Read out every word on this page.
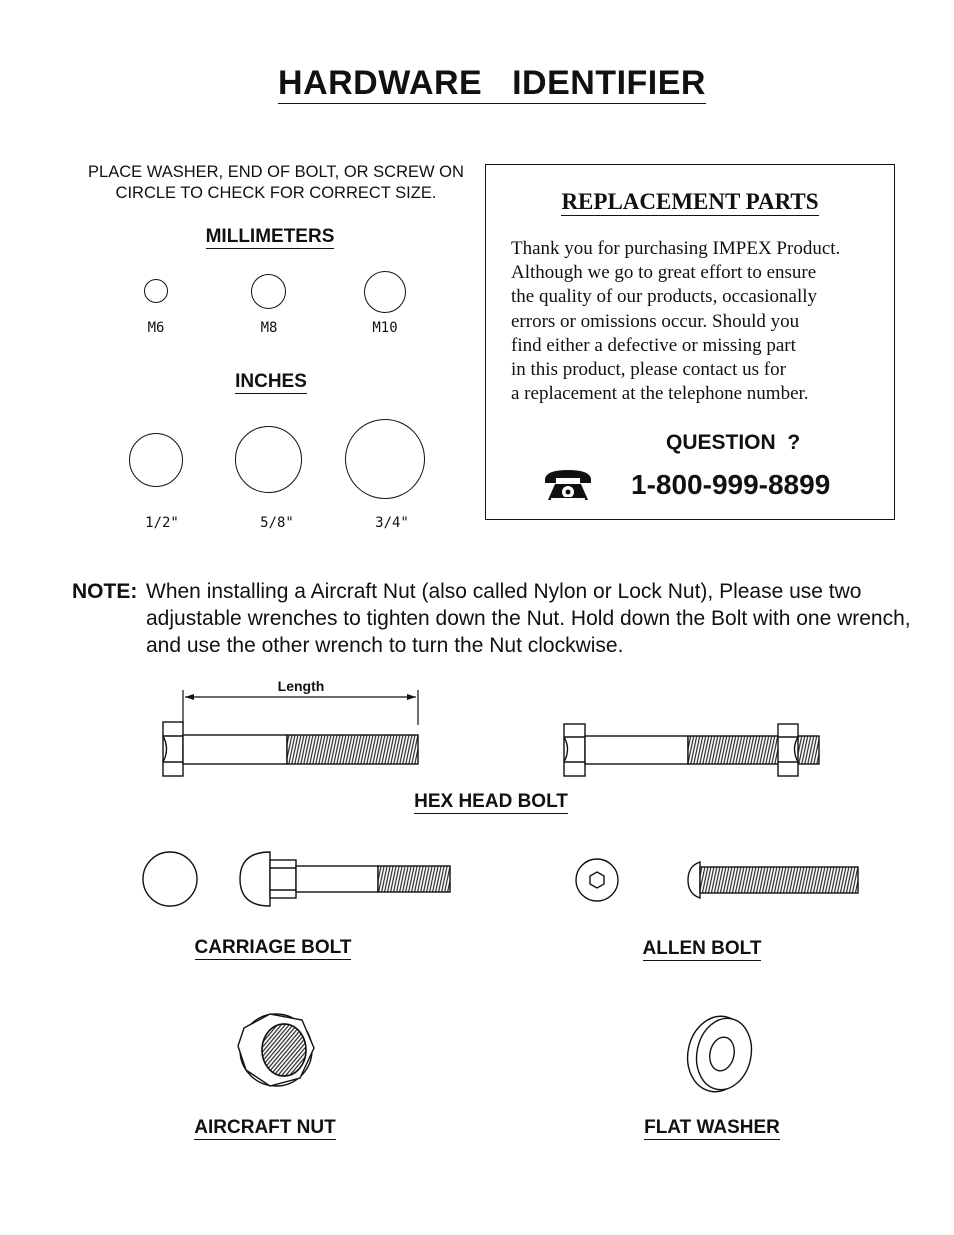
HARDWARE   IDENTIFIER
PLACE WASHER, END OF BOLT, OR SCREW ON CIRCLE TO CHECK FOR CORRECT SIZE.
MILLIMETERS
M6	M8	M10
INCHES
1/2"	5/8"	3/4"
REPLACEMENT PARTS
Thank you for purchasing IMPEX Product.
Although we go to great effort to ensure
the quality of our products, occasionally
errors or omissions occur. Should you
find either a defective or missing part
in this product, please contact us for
a replacement at the telephone number.
QUESTION  ?
1-800-999-8899
NOTE: When installing a Aircraft Nut (also called Nylon or Lock Nut), Please use two adjustable wrenches to tighten down the Nut. Hold down the Bolt with one wrench, and use the other wrench to turn the Nut clockwise.
Length
HEX HEAD BOLT
CARRIAGE BOLT	ALLEN BOLT
AIRCRAFT NUT	FLAT WASHER
